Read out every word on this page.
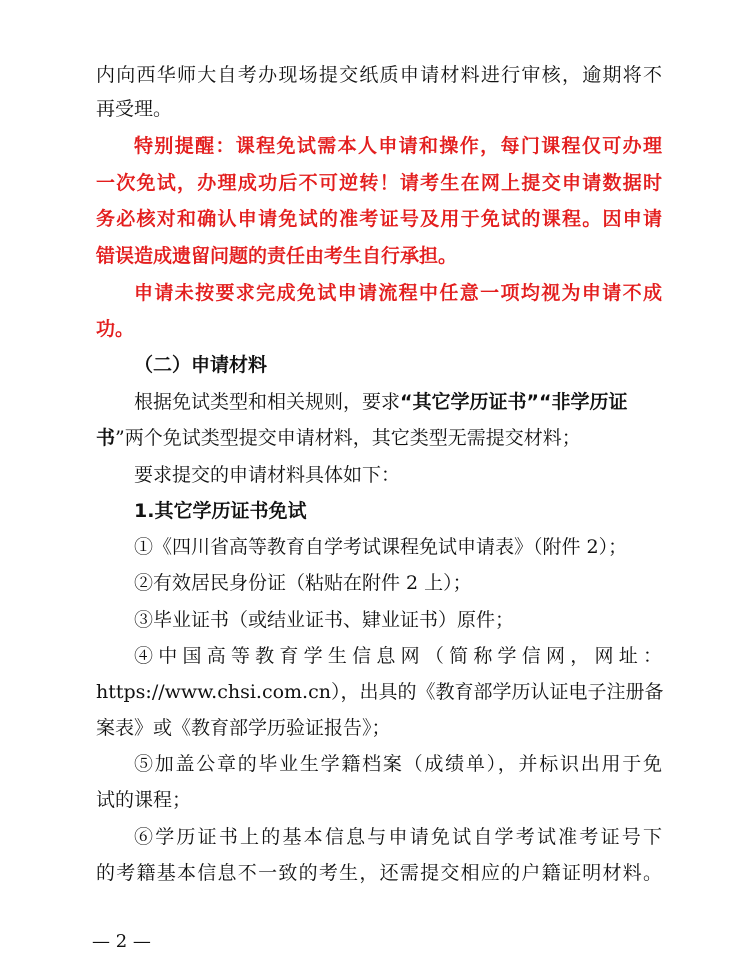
内向西华师大自考办现场提交纸质申请材料进行审核，逾期将不
再受理。
特别提醒：课程免试需本人申请和操作，每门课程仅可办理
一次免试，办理成功后不可逆转！请考生在网上提交申请数据时
务必核对和确认申请免试的准考证号及用于免试的课程。因申请
错误造成遗留问题的责任由考生自行承担。
申请未按要求完成免试申请流程中任意一项均视为申请不成
功。
（二）申请材料
根据免试类型和相关规则，要求“其它学历证书”“非学历证
书”两个免试类型提交申请材料，其它类型无需提交材料；
要求提交的申请材料具体如下：
1.其它学历证书免试
①《四川省高等教育自学考试课程免试申请表》（附件 2）；
②有效居民身份证（粘贴在附件 2 上）；
③毕业证书（或结业证书、肄业证书）原件；
④中国高等教育学生信息网（简称学信网，网址：
https://www.chsi.com.cn），出具的《教育部学历认证电子注册备
案表》或《教育部学历验证报告》；
⑤加盖公章的毕业生学籍档案（成绩单），并标识出用于免
试的课程；
⑥学历证书上的基本信息与申请免试自学考试准考证号下
的考籍基本信息不一致的考生，还需提交相应的户籍证明材料。
— 2 —
